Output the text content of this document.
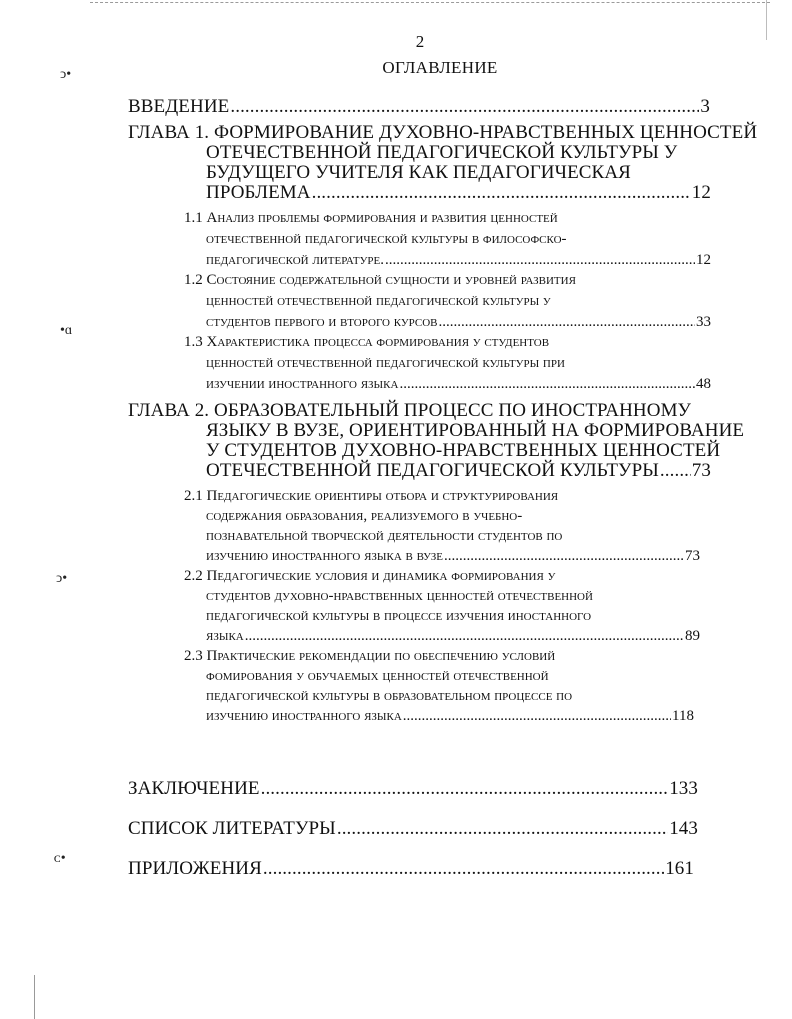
ↄ•
•ɑ
ↄ•
ᴄ•
2
ОГЛАВЛЕНИЕ
ВВЕДЕНИЕ .....	3
ГЛАВА 1. ФОРМИРОВАНИЕ ДУХОВНО-НРАВСТВЕННЫХ ЦЕННОСТЕЙ
ОТЕЧЕСТВЕННОЙ ПЕДАГОГИЧЕСКОЙ КУЛЬТУРЫ У
БУДУЩЕГО УЧИТЕЛЯ КАК ПЕДАГОГИЧЕСКАЯ
ПРОБЛЕМА .....	12
1.1 Анализ проблемы формирования и развития ценностей
отечественной педагогической культуры в философско-
педагогической литературе. .....	12
1.2 Состояние содержательной сущности и уровней развития
ценностей отечественной педагогической культуры у
студентов первого и второго курсов .....	33
1.3 Характеристика процесса формирования у студентов
ценностей отечественной педагогической культуры при
изучении иностранного языка .....	48
ГЛАВА 2. ОБРАЗОВАТЕЛЬНЫЙ ПРОЦЕСС ПО ИНОСТРАННОМУ
ЯЗЫКУ В ВУЗЕ, ОРИЕНТИРОВАННЫЙ НА ФОРМИРОВАНИЕ
У СТУДЕНТОВ ДУХОВНО-НРАВСТВЕННЫХ ЦЕННОСТЕЙ
ОТЕЧЕСТВЕННОЙ ПЕДАГОГИЧЕСКОЙ КУЛЬТУРЫ ..... 73
2.1 Педагогические ориентиры отбора и структурирования
содержания образования, реализуемого в учебно-
познавательной творческой деятельности студентов по
изучению иностранного языка в вузе .....	73
2.2 Педагогические условия и динамика формирования у
студентов духовно-нравственных ценностей отечественной
педагогической культуры в процессе изучения иностанного
языка .....	89
2.3 Практические рекомендации по обеспечению условий
фомирования у обучаемых ценностей отечественной
педагогической культуры в образовательном процессе по
изучению иностранного языка .....	118
ЗАКЛЮЧЕНИЕ .....	133
СПИСОК ЛИТЕРАТУРЫ .....	143
ПРИЛОЖЕНИЯ .....	161
